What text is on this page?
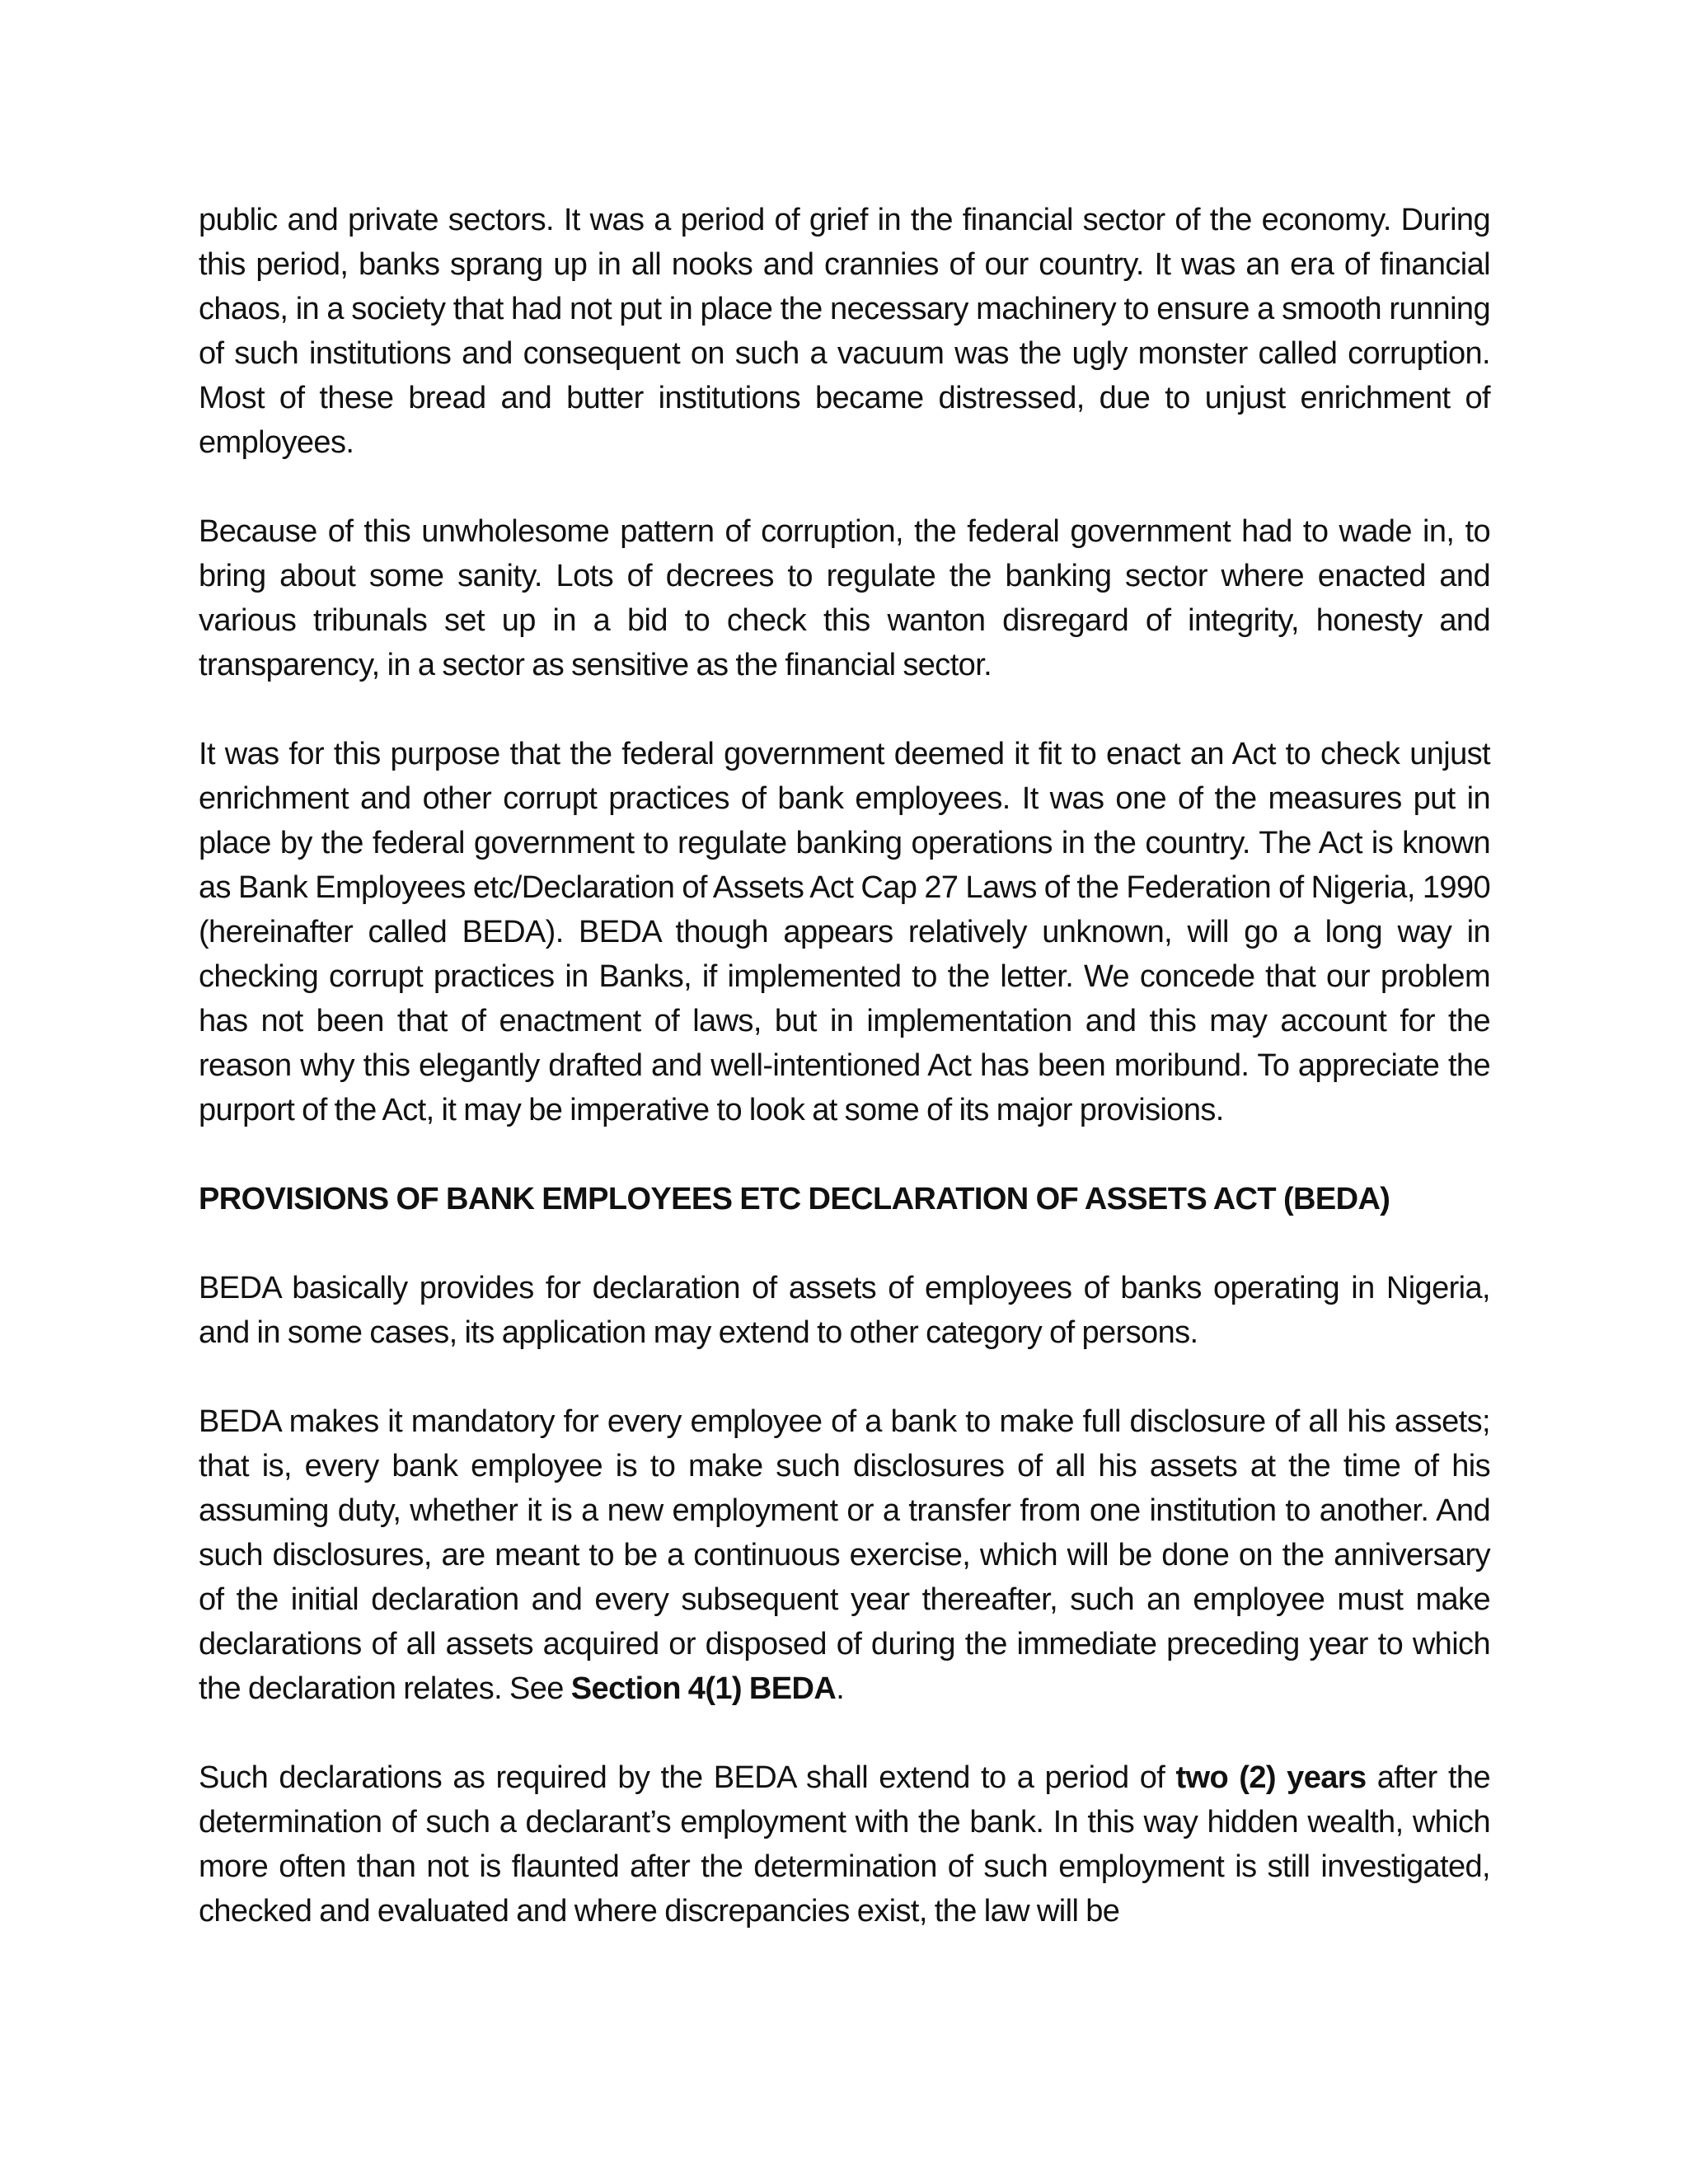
public and private sectors. It was a period of grief in the financial sector of the economy. During this period, banks sprang up in all nooks and crannies of our country. It was an era of financial chaos, in a society that had not put in place the necessary machinery to ensure a smooth running of such institutions and consequent on such a vacuum was the ugly monster called corruption. Most of these bread and butter institutions became distressed, due to unjust enrichment of employees.

Because of this unwholesome pattern of corruption, the federal government had to wade in, to bring about some sanity. Lots of decrees to regulate the banking sector where enacted and various tribunals set up in a bid to check this wanton disregard of integrity, honesty and transparency, in a sector as sensitive as the financial sector.

It was for this purpose that the federal government deemed it fit to enact an Act to check unjust enrichment and other corrupt practices of bank employees. It was one of the measures put in place by the federal government to regulate banking operations in the country. The Act is known as Bank Employees etc/Declaration of Assets Act Cap 27 Laws of the Federation of Nigeria, 1990 (hereinafter called BEDA). BEDA though appears relatively unknown, will go a long way in checking corrupt practices in Banks, if implemented to the letter. We concede that our problem has not been that of enactment of laws, but in implementation and this may account for the reason why this elegantly drafted and well-intentioned Act has been moribund. To appreciate the purport of the Act, it may be imperative to look at some of its major provisions.

PROVISIONS OF BANK EMPLOYEES ETC DECLARATION OF ASSETS ACT (BEDA)

BEDA basically provides for declaration of assets of employees of banks operating in Nigeria, and in some cases, its application may extend to other category of persons.

BEDA makes it mandatory for every employee of a bank to make full disclosure of all his assets; that is, every bank employee is to make such disclosures of all his assets at the time of his assuming duty, whether it is a new employment or a transfer from one institution to another. And such disclosures, are meant to be a continuous exercise, which will be done on the anniversary of the initial declaration and every subsequent year thereafter, such an employee must make declarations of all assets acquired or disposed of during the immediate preceding year to which the declaration relates. See Section 4(1) BEDA.

Such declarations as required by the BEDA shall extend to a period of two (2) years after the determination of such a declarant’s employment with the bank. In this way hidden wealth, which more often than not is flaunted after the determination of such employment is still investigated, checked and evaluated and where discrepancies exist, the law will be
